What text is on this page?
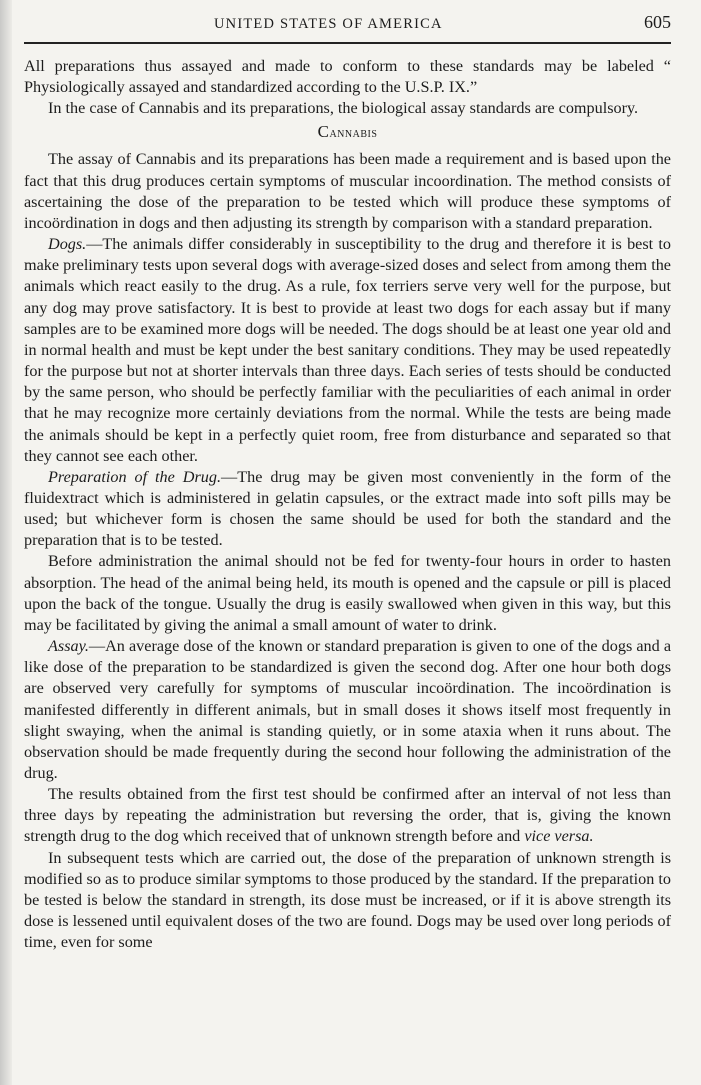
UNITED STATES OF AMERICA	605

All preparations thus assayed and made to conform to these standards may be labeled “ Physiologically assayed and standardized according to the U.S.P. IX.”

In the case of Cannabis and its preparations, the biological assay standards are compulsory.

Cannabis

The assay of Cannabis and its preparations has been made a requirement and is based upon the fact that this drug produces certain symptoms of muscular incoordination. The method consists of ascertaining the dose of the preparation to be tested which will produce these symptoms of incoördination in dogs and then adjusting its strength by comparison with a standard preparation.

Dogs.—The animals differ considerably in susceptibility to the drug and therefore it is best to make preliminary tests upon several dogs with average-sized doses and select from among them the animals which react easily to the drug. As a rule, fox terriers serve very well for the purpose, but any dog may prove satisfactory. It is best to provide at least two dogs for each assay but if many samples are to be examined more dogs will be needed. The dogs should be at least one year old and in normal health and must be kept under the best sanitary conditions. They may be used repeatedly for the purpose but not at shorter intervals than three days. Each series of tests should be conducted by the same person, who should be perfectly familiar with the peculiarities of each animal in order that he may recognize more certainly deviations from the normal. While the tests are being made the animals should be kept in a perfectly quiet room, free from disturbance and separated so that they cannot see each other.

Preparation of the Drug.—The drug may be given most conveniently in the form of the fluidextract which is administered in gelatin capsules, or the extract made into soft pills may be used; but whichever form is chosen the same should be used for both the standard and the preparation that is to be tested.

Before administration the animal should not be fed for twenty-four hours in order to hasten absorption. The head of the animal being held, its mouth is opened and the capsule or pill is placed upon the back of the tongue. Usually the drug is easily swallowed when given in this way, but this may be facilitated by giving the animal a small amount of water to drink.

Assay.—An average dose of the known or standard preparation is given to one of the dogs and a like dose of the preparation to be standardized is given the second dog. After one hour both dogs are observed very carefully for symptoms of muscular incoördination. The incoördination is manifested differently in different animals, but in small doses it shows itself most frequently in slight swaying, when the animal is standing quietly, or in some ataxia when it runs about. The observation should be made frequently during the second hour following the administration of the drug.

The results obtained from the first test should be confirmed after an interval of not less than three days by repeating the administration but reversing the order, that is, giving the known strength drug to the dog which received that of unknown strength before and vice versa.

In subsequent tests which are carried out, the dose of the preparation of unknown strength is modified so as to produce similar symptoms to those produced by the standard. If the preparation to be tested is below the standard in strength, its dose must be increased, or if it is above strength its dose is lessened until equivalent doses of the two are found. Dogs may be used over long periods of time, even for some
